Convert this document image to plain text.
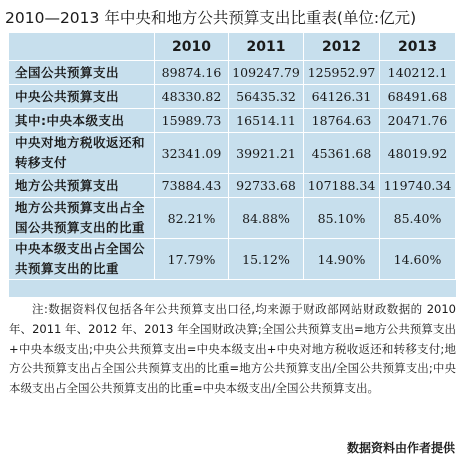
2010—2013 年中央和地方公共预算支出比重表(单位:亿元)
	2010	2011	2012	2013
全国公共预算支出	89874.16	109247.79	125952.97	140212.1
中央公共预算支出	48330.82	56435.32	64126.31	68491.68
其中:中央本级支出	15989.73	16514.11	18764.63	20471.76
中央对地方税收返还和转移支付	32341.09	39921.21	45361.68	48019.92
地方公共预算支出	73884.43	92733.68	107188.34	119740.34
地方公共预算支出占全国公共预算支出的比重	82.21%	84.88%	85.10%	85.40%
中央本级支出占全国公共预算支出的比重	17.79%	15.12%	14.90%	14.60%
注:数据资料仅包括各年公共预算支出口径,均来源于财政部网站财政数据的 2010 年、2011 年、2012 年、2013 年全国财政决算;全国公共预算支出=地方公共预算支出+中央本级支出;中央公共预算支出=中央本级支出+中央对地方税收返还和转移支付;地方公共预算支出占全国公共预算支出的比重=地方公共预算支出/全国公共预算支出;中央本级支出占全国公共预算支出的比重=中央本级支出/全国公共预算支出。
数据资料由作者提供
